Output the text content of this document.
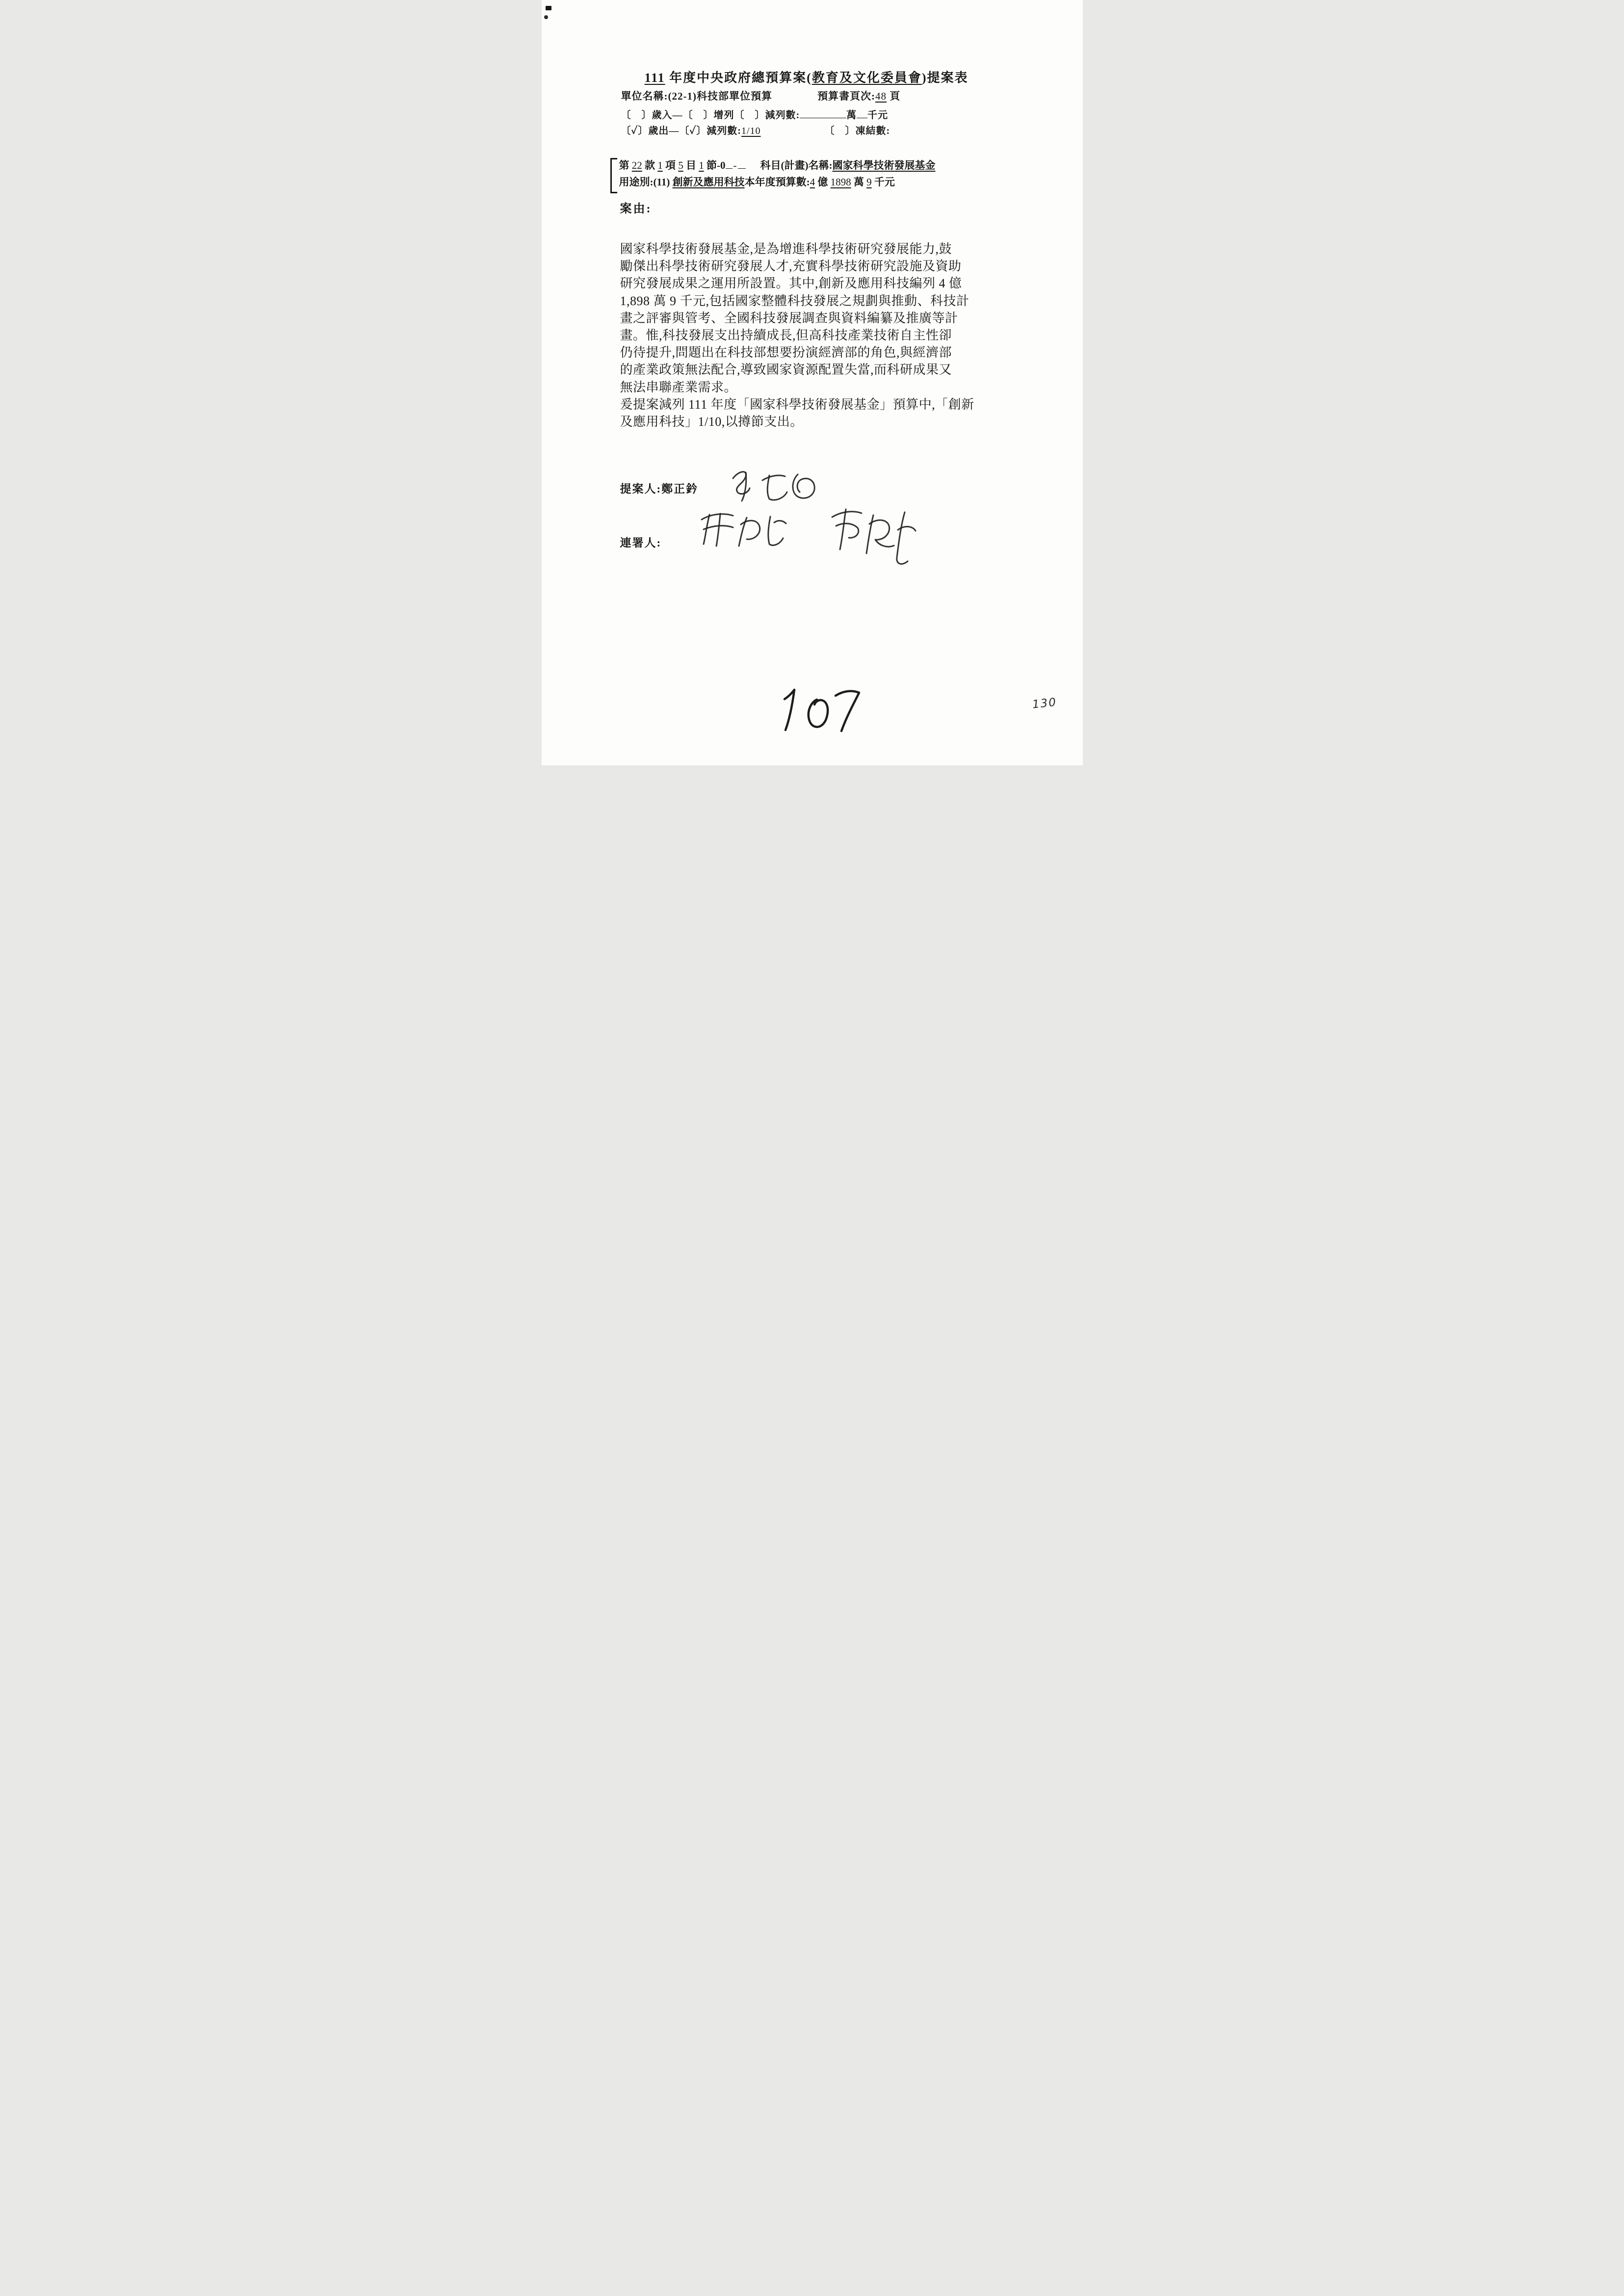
111 年度中央政府總預算案(教育及文化委員會)提案表
單位名稱:(22-1)科技部單位預算	預算書頁次:48 頁
〔　〕歲入—〔　〕增列〔　〕減列數:	萬 千元
〔✓〕歲出—〔✓〕減列數:1/10	〔　〕凍結數:
第 22 款 1 項 5 目 1 節-0 - 科目(計畫)名稱:國家科學技術發展基金
用途別:(11) 創新及應用科技本年度預算數:4 億 1898 萬 9 千元
案由:
國家科學技術發展基金,是為增進科學技術研究發展能力,鼓
勵傑出科學技術研究發展人才,充實科學技術研究設施及資助
研究發展成果之運用所設置。其中,創新及應用科技編列 4 億
1,898 萬 9 千元,包括國家整體科技發展之規劃與推動、科技計
畫之評審與管考、全國科技發展調查與資料編纂及推廣等計
畫。惟,科技發展支出持續成長,但高科技產業技術自主性卻
仍待提升,問題出在科技部想要扮演經濟部的角色,與經濟部
的產業政策無法配合,導致國家資源配置失當,而科研成果又
無法串聯產業需求。
爰提案減列 111 年度「國家科學技術發展基金」預算中,「創新
及應用科技」1/10,以撙節支出。
提案人:鄭正鈐
連署人:
130
